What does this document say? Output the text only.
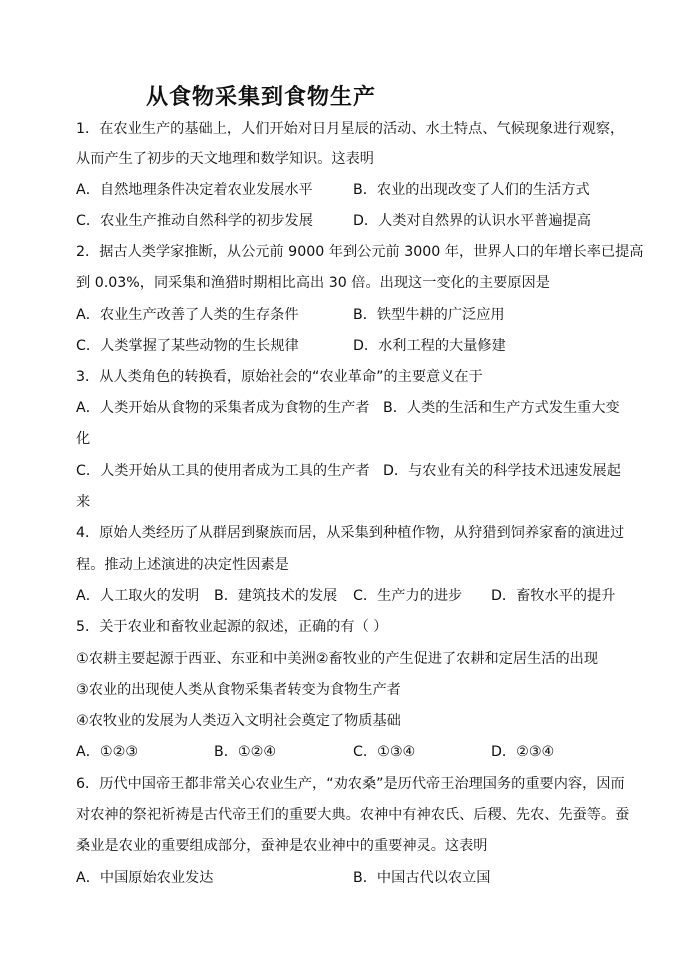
从食物采集到食物生产
1．在农业生产的基础上，人们开始对日月星辰的活动、水土特点、气候现象进行观察，
从而产生了初步的天文地理和数学知识。这表明
A．自然地理条件决定着农业发展水平	B．农业的出现改变了人们的生活方式
C．农业生产推动自然科学的初步发展	D．人类对自然界的认识水平普遍提高
2．据古人类学家推断，从公元前 9000 年到公元前 3000 年，世界人口的年增长率已提高
到 0.03%，同采集和渔猎时期相比高出 30 倍。出现这一变化的主要原因是
A．农业生产改善了人类的生存条件	B．铁型牛耕的广泛应用
C．人类掌握了某些动物的生长规律	D．水利工程的大量修建
3．从人类角色的转换看，原始社会的“农业革命”的主要意义在于
A．人类开始从食物的采集者成为食物的生产者 B．人类的生活和生产方式发生重大变
化
C．人类开始从工具的使用者成为工具的生产者 D．与农业有关的科学技术迅速发展起
来
4．原始人类经历了从群居到聚族而居，从采集到种植作物，从狩猎到饲养家畜的演进过
程。推动上述演进的决定性因素是
A．人工取火的发明 B．建筑技术的发展 C．生产力的进步 D．畜牧水平的提升
5．关于农业和畜牧业起源的叙述，正确的有（ ）
①农耕主要起源于西亚、东亚和中美洲②畜牧业的产生促进了农耕和定居生活的出现
③农业的出现使人类从食物采集者转变为食物生产者
④农牧业的发展为人类迈入文明社会奠定了物质基础
A．①②③	B．①②④	C．①③④	D．②③④
6．历代中国帝王都非常关心农业生产，“劝农桑”是历代帝王治理国务的重要内容，因而
对农神的祭祀祈祷是古代帝王们的重要大典。农神中有神农氏、后稷、先农、先蚕等。蚕
桑业是农业的重要组成部分，蚕神是农业神中的重要神灵。这表明
A．中国原始农业发达	B．中国古代以农立国
